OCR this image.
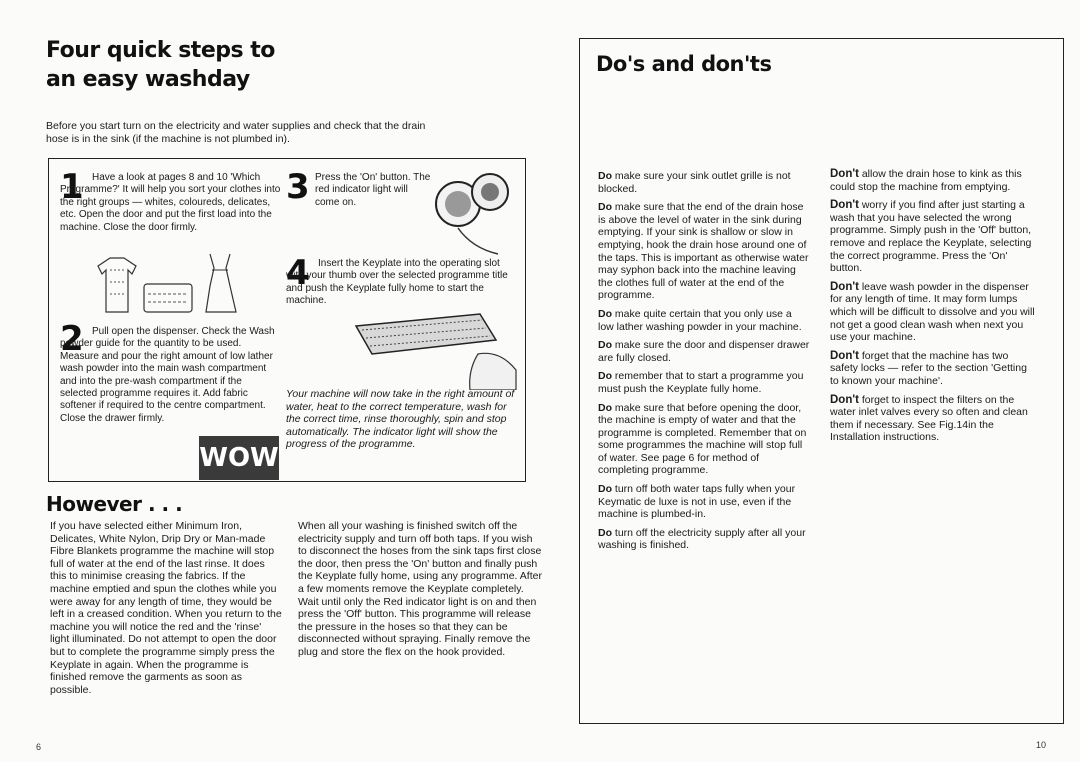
Four quick steps to
an easy washday
Before you start turn on the electricity and water supplies and check that the drain hose is in the sink (if the machine is not plumbed in).
1 Have a look at pages 8 and 10 'Which Programme?' It will help you sort your clothes into the right groups — whites, coloureds, delicates, etc. Open the door and put the first load into the machine. Close the door firmly.
2 Pull open the dispenser. Check the Wash powder guide for the quantity to be used. Measure and pour the right amount of low lather wash powder into the main wash compartment and into the pre-wash compartment if the selected programme requires it. Add fabric softener if required to the centre compartment. Close the drawer firmly.
3 Press the 'On' button. The red indicator light will come on.
4 Insert the Keyplate into the operating slot with your thumb over the selected programme title and push the Keyplate fully home to start the machine.
Your machine will now take in the right amount of water, heat to the correct temperature, wash for the correct time, rinse thoroughly, spin and stop automatically. The indicator light will show the progress of the programme.
WOW
However . . .
If you have selected either Minimum Iron, Delicates, White Nylon, Drip Dry or Man-made Fibre Blankets programme the machine will stop full of water at the end of the last rinse. It does this to minimise creasing the fabrics. If the machine emptied and spun the clothes while you were away for any length of time, they would be left in a creased condition. When you return to the machine you will notice the red and the 'rinse' light illuminated. Do not attempt to open the door but to complete the programme simply press the Keyplate in again. When the programme is finished remove the garments as soon as possible.
When all your washing is finished switch off the electricity supply and turn off both taps. If you wish to disconnect the hoses from the sink taps first close the door, then press the 'On' button and finally push the Keyplate fully home, using any programme. After a few moments remove the Keyplate completely. Wait until only the Red indicator light is on and then press the 'Off' button. This programme will release the pressure in the hoses so that they can be disconnected without spraying. Finally remove the plug and store the flex on the hook provided.
6
Do's and don'ts
Do make sure your sink outlet grille is not blocked.
Do make sure that the end of the drain hose is above the level of water in the sink during emptying. If your sink is shallow or slow in emptying, hook the drain hose around one of the taps. This is important as otherwise water may syphon back into the machine leaving the clothes full of water at the end of the programme.
Do make quite certain that you only use a low lather washing powder in your machine.
Do make sure the door and dispenser drawer are fully closed.
Do remember that to start a programme you must push the Keyplate fully home.
Do make sure that before opening the door, the machine is empty of water and that the programme is completed. Remember that on some programmes the machine will stop full of water. See page 6 for method of completing programme.
Do turn off both water taps fully when your Keymatic de luxe is not in use, even if the machine is plumbed-in.
Do turn off the electricity supply after all your washing is finished.
Don't allow the drain hose to kink as this could stop the machine from emptying.
Don't worry if you find after just starting a wash that you have selected the wrong programme. Simply push in the 'Off' button, remove and replace the Keyplate, selecting the correct programme. Press the 'On' button.
Don't leave wash powder in the dispenser for any length of time. It may form lumps which will be difficult to dissolve and you will not get a good clean wash when next you use your machine.
Don't forget that the machine has two safety locks — refer to the section 'Getting to known your machine'.
Don't forget to inspect the filters on the water inlet valves every so often and clean them if necessary. See Fig.14in the Installation instructions.
10
